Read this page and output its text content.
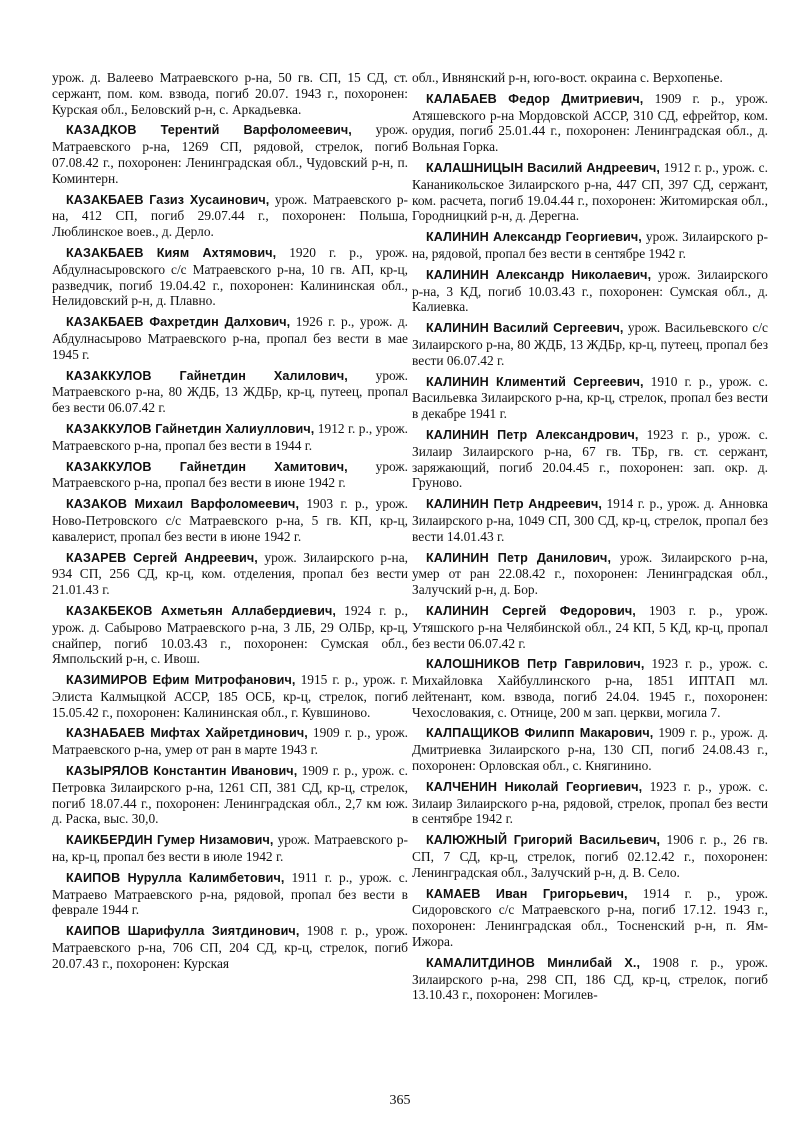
урож. д. Валеево Матраевского р-на, 50 гв. СП, 15 СД, ст. сержант, пом. ком. взвода, погиб 20.07. 1943 г., похоронен: Курская обл., Беловский р-н, с. Аркадьевка.

КАЗАДКОВ Терентий Варфоломеевич, урож. Матраевского р-на, 1269 СП, рядовой, стрелок, погиб 07.08.42 г., похоронен: Ленинградская обл., Чудовский р-н, п. Коминтерн.

КАЗАКБАЕВ Газиз Хусаинович, урож. Матраевского р-на, 412 СП, погиб 29.07.44 г., похоронен: Польша, Люблинское воев., д. Дерло.

КАЗАКБАЕВ Киям Ахтямович, 1920 г. р., урож. Абдулнасыровского с/с Матраевского р-на, 10 гв. АП, кр-ц, разведчик, погиб 19.04.42 г., похоронен: Калининская обл., Нелидовский р-н, д. Плавно.

КАЗАКБАЕВ Фахретдин Далхович, 1926 г. р., урож. д. Абдулнасырово Матраевского р-на, пропал без вести в мае 1945 г.

КАЗАККУЛОВ Гайнетдин Халилович, урож. Матраевского р-на, 80 ЖДБ, 13 ЖДБр, кр-ц, путеец, пропал без вести 06.07.42 г.

КАЗАККУЛОВ Гайнетдин Халиуллович, 1912 г. р., урож. Матраевского р-на, пропал без вести в 1944 г.

КАЗАККУЛОВ Гайнетдин Хамитович, урож. Матраевского р-на, пропал без вести в июне 1942 г.

КАЗАКОВ Михаил Варфоломеевич, 1903 г. р., урож. Ново-Петровского с/с Матраевского р-на, 5 гв. КП, кр-ц, кавалерист, пропал без вести в июне 1942 г.

КАЗАРЕВ Сергей Андреевич, урож. Зилаирского р-на, 934 СП, 256 СД, кр-ц, ком. отделения, пропал без вести 21.01.43 г.

КАЗАКБЕКОВ Ахметьян Аллабердиевич, 1924 г. р., урож. д. Сабырово Матраевского р-на, 3 ЛБ, 29 ОЛБр, кр-ц, снайпер, погиб 10.03.43 г., похоронен: Сумская обл., Ямпольский р-н, с. Ивош.

КАЗИМИРОВ Ефим Митрофанович, 1915 г. р., урож. г. Элиста Калмыцкой АССР, 185 ОСБ, кр-ц, стрелок, погиб 15.05.42 г., похоронен: Калининская обл., г. Кувшиново.

КАЗНАБАЕВ Мифтах Хайретдинович, 1909 г. р., урож. Матраевского р-на, умер от ран в марте 1943 г.

КАЗЫРЯЛОВ Константин Иванович, 1909 г. р., урож. с. Петровка Зилаирского р-на, 1261 СП, 381 СД, кр-ц, стрелок, погиб 18.07.44 г., похоронен: Ленинградская обл., 2,7 км юж. д. Раска, выс. 30,0.

КАИКБЕРДИН Гумер Низамович, урож. Матраевского р-на, кр-ц, пропал без вести в июле 1942 г.

КАИПОВ Нурулла Калимбетович, 1911 г. р., урож. с. Матраево Матраевского р-на, рядовой, пропал без вести в феврале 1944 г.

КАИПОВ Шарифулла Зиятдинович, 1908 г. р., урож. Матраевского р-на, 706 СП, 204 СД, кр-ц, стрелок, погиб 20.07.43 г., похоронен: Курская

обл., Ивнянский р-н, юго-вост. окраина с. Верхопенье.

КАЛАБАЕВ Федор Дмитриевич, 1909 г. р., урож. Атяшевского р-на Мордовской АССР, 310 СД, ефрейтор, ком. орудия, погиб 25.01.44 г., похоронен: Ленинградская обл., д. Вольная Горка.

КАЛАШНИЦЫН Василий Андреевич, 1912 г. р., урож. с. Кананикольское Зилаирского р-на, 447 СП, 397 СД, сержант, ком. расчета, погиб 19.04.44 г., похоронен: Житомирская обл., Городницкий р-н, д. Дерегна.

КАЛИНИН Александр Георгиевич, урож. Зилаирского р-на, рядовой, пропал без вести в сентябре 1942 г.

КАЛИНИН Александр Николаевич, урож. Зилаирского р-на, 3 КД, погиб 10.03.43 г., похоронен: Сумская обл., д. Калиевка.

КАЛИНИН Василий Сергеевич, урож. Васильевского с/с Зилаирского р-на, 80 ЖДБ, 13 ЖДБр, кр-ц, путеец, пропал без вести 06.07.42 г.

КАЛИНИН Климентий Сергеевич, 1910 г. р., урож. с. Васильевка Зилаирского р-на, кр-ц, стрелок, пропал без вести в декабре 1941 г.

КАЛИНИН Петр Александрович, 1923 г. р., урож. с. Зилаир Зилаирского р-на, 67 гв. ТБр, гв. ст. сержант, заряжающий, погиб 20.04.45 г., похоронен: зап. окр. д. Груново.

КАЛИНИН Петр Андреевич, 1914 г. р., урож. д. Анновка Зилаирского р-на, 1049 СП, 300 СД, кр-ц, стрелок, пропал без вести 14.01.43 г.

КАЛИНИН Петр Данилович, урож. Зилаирского р-на, умер от ран 22.08.42 г., похоронен: Ленинградская обл., Залучский р-н, д. Бор.

КАЛИНИН Сергей Федорович, 1903 г. р., урож. Утяшского р-на Челябинской обл., 24 КП, 5 КД, кр-ц, пропал без вести 06.07.42 г.

КАЛОШНИКОВ Петр Гаврилович, 1923 г. р., урож. с. Михайловка Хайбуллинского р-на, 1851 ИПТАП мл. лейтенант, ком. взвода, погиб 24.04. 1945 г., похоронен: Чехословакия, с. Отнице, 200 м зап. церкви, могила 7.

КАЛПАЩИКОВ Филипп Макарович, 1909 г. р., урож. д. Дмитриевка Зилаирского р-на, 130 СП, погиб 24.08.43 г., похоронен: Орловская обл., с. Княгинино.

КАЛЧЕНИН Николай Георгиевич, 1923 г. р., урож. с. Зилаир Зилаирского р-на, рядовой, стрелок, пропал без вести в сентябре 1942 г.

КАЛЮЖНЫЙ Григорий Васильевич, 1906 г. р., 26 гв. СП, 7 СД, кр-ц, стрелок, погиб 02.12.42 г., похоронен: Ленинградская обл., Залучский р-н, д. В. Село.

КАМАЕВ Иван Григорьевич, 1914 г. р., урож. Сидоровского с/с Матраевского р-на, погиб 17.12. 1943 г., похоронен: Ленинградская обл., Тосненский р-н, п. Ям-Ижора.

КАМАЛИТДИНОВ Минлибай Х., 1908 г. р., урож. Зилаирского р-на, 298 СП, 186 СД, кр-ц, стрелок, погиб 13.10.43 г., похоронен: Могилев-

365
